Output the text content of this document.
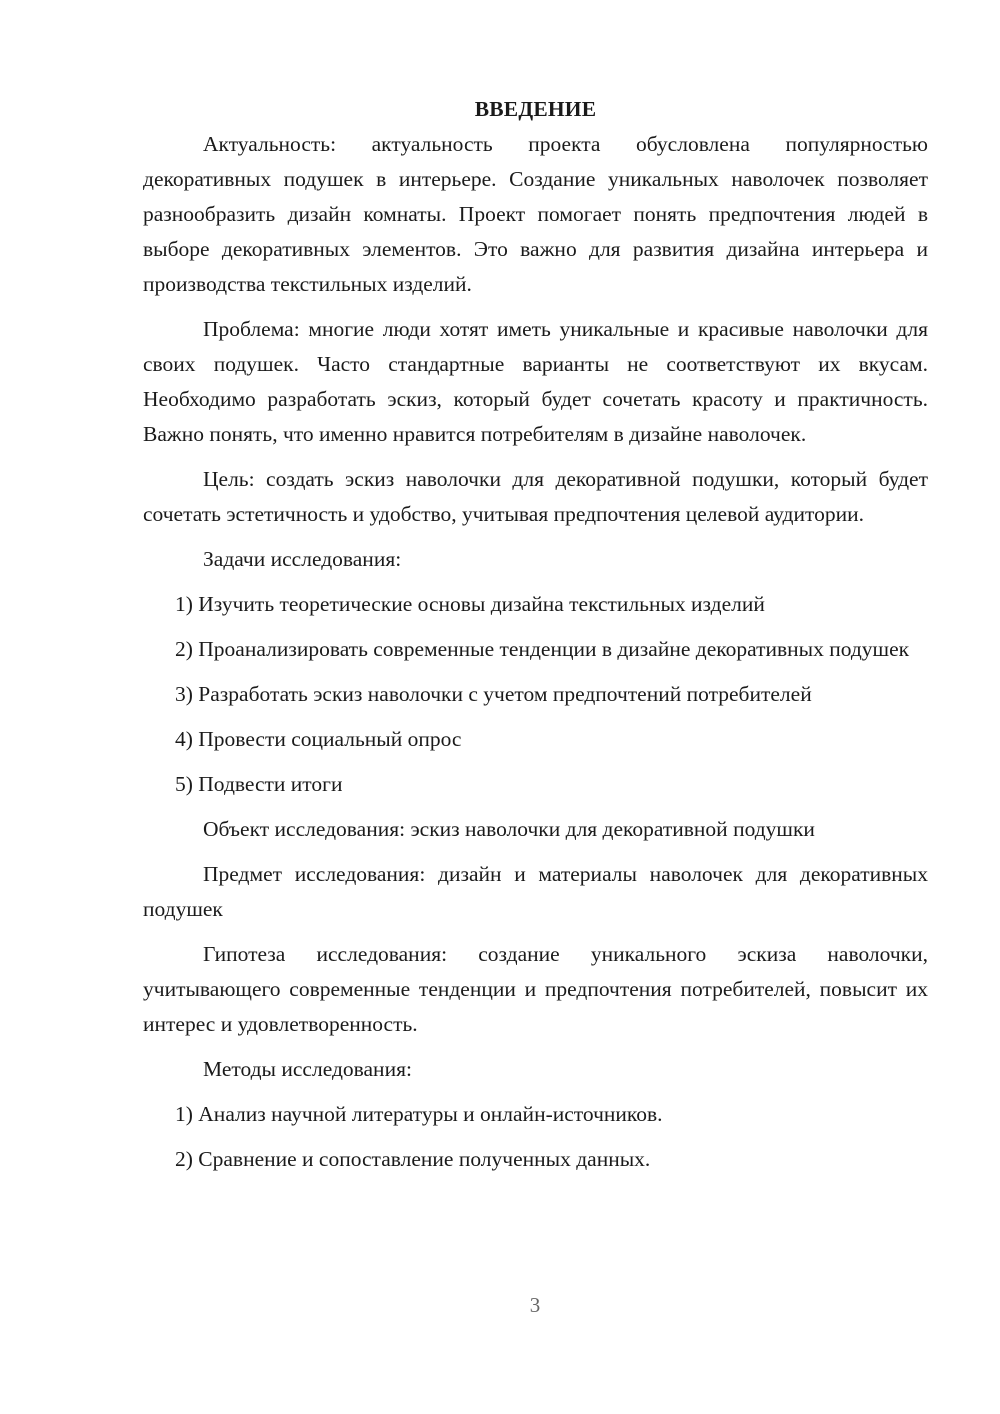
ВВЕДЕНИЕ

Актуальность: актуальность проекта обусловлена популярностью декоративных подушек в интерьере. Создание уникальных наволочек позволяет разнообразить дизайн комнаты. Проект помогает понять предпочтения людей в выборе декоративных элементов. Это важно для развития дизайна интерьера и производства текстильных изделий.

Проблема: многие люди хотят иметь уникальные и красивые наволочки для своих подушек. Часто стандартные варианты не соответствуют их вкусам. Необходимо разработать эскиз, который будет сочетать красоту и практичность. Важно понять, что именно нравится потребителям в дизайне наволочек.

Цель: создать эскиз наволочки для декоративной подушки, который будет сочетать эстетичность и удобство, учитывая предпочтения целевой аудитории.

Задачи исследования:

1) Изучить теоретические основы дизайна текстильных изделий

2) Проанализировать современные тенденции в дизайне декоративных подушек

3) Разработать эскиз наволочки с учетом предпочтений потребителей

4) Провести социальный опрос

5) Подвести итоги

Объект исследования: эскиз наволочки для декоративной подушки

Предмет исследования: дизайн и материалы наволочек для декоративных подушек

Гипотеза исследования: создание уникального эскиза наволочки, учитывающего современные тенденции и предпочтения потребителей, повысит их интерес и удовлетворенность.

Методы исследования:

1) Анализ научной литературы и онлайн-источников.

2) Сравнение и сопоставление полученных данных.

3
